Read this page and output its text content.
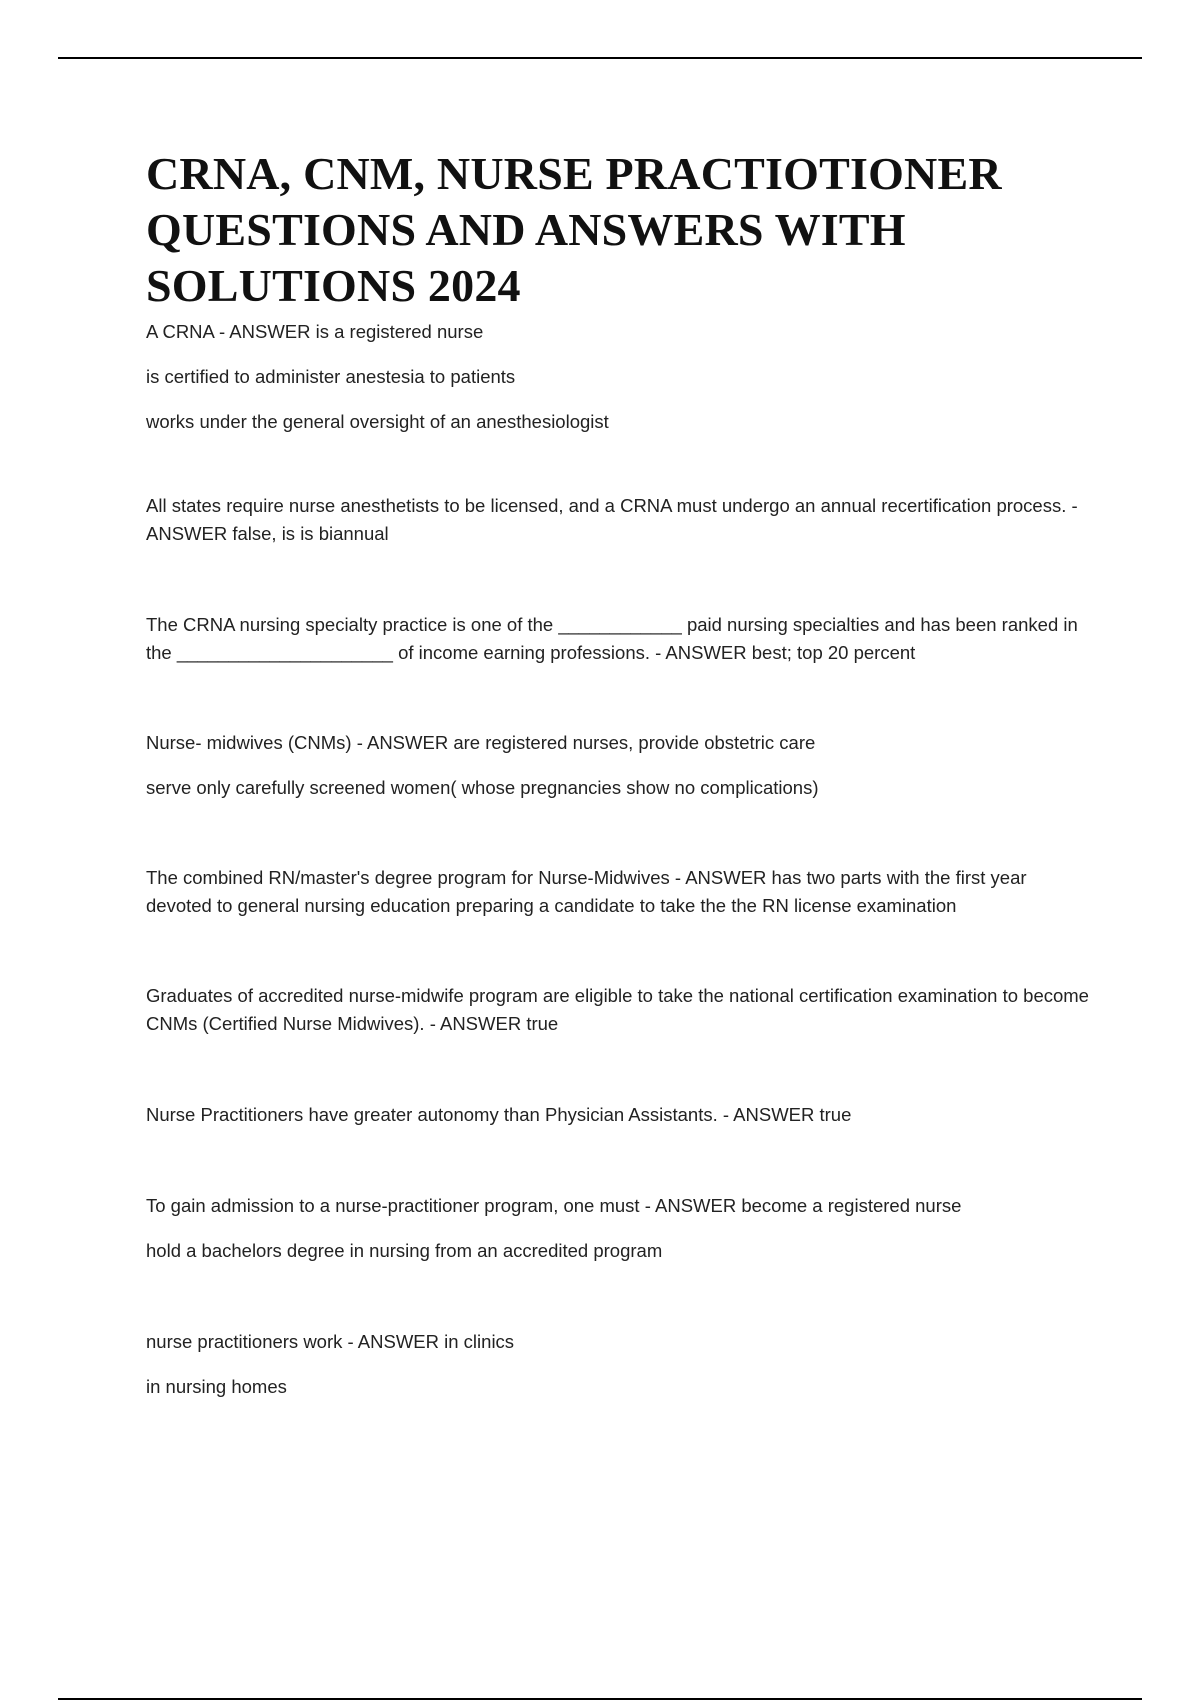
CRNA, CNM, NURSE PRACTIOTIONER QUESTIONS AND ANSWERS WITH SOLUTIONS 2024

A CRNA - ANSWER is a registered nurse

is certified to administer anestesia to patients

works under the general oversight of an anesthesiologist

All states require nurse anesthetists to be licensed, and a CRNA must undergo an annual recertification process. - ANSWER false, is is biannual

The CRNA nursing specialty practice is one of the ____________ paid nursing specialties and has been ranked in the _____________________ of income earning professions. - ANSWER best; top 20 percent

Nurse- midwives (CNMs) - ANSWER are registered nurses, provide obstetric care

serve only carefully screened women( whose pregnancies show no complications)

The combined RN/master's degree program for Nurse-Midwives - ANSWER has two parts with the first year devoted to general nursing education preparing a candidate to take the the RN license examination

Graduates of accredited nurse-midwife program are eligible to take the national certification examination to become CNMs (Certified Nurse Midwives). - ANSWER true

Nurse Practitioners have greater autonomy than Physician Assistants. - ANSWER true

To gain admission to a nurse-practitioner program, one must - ANSWER become a registered nurse

hold a bachelors degree in nursing from an accredited program

nurse practitioners work - ANSWER in clinics

in nursing homes
